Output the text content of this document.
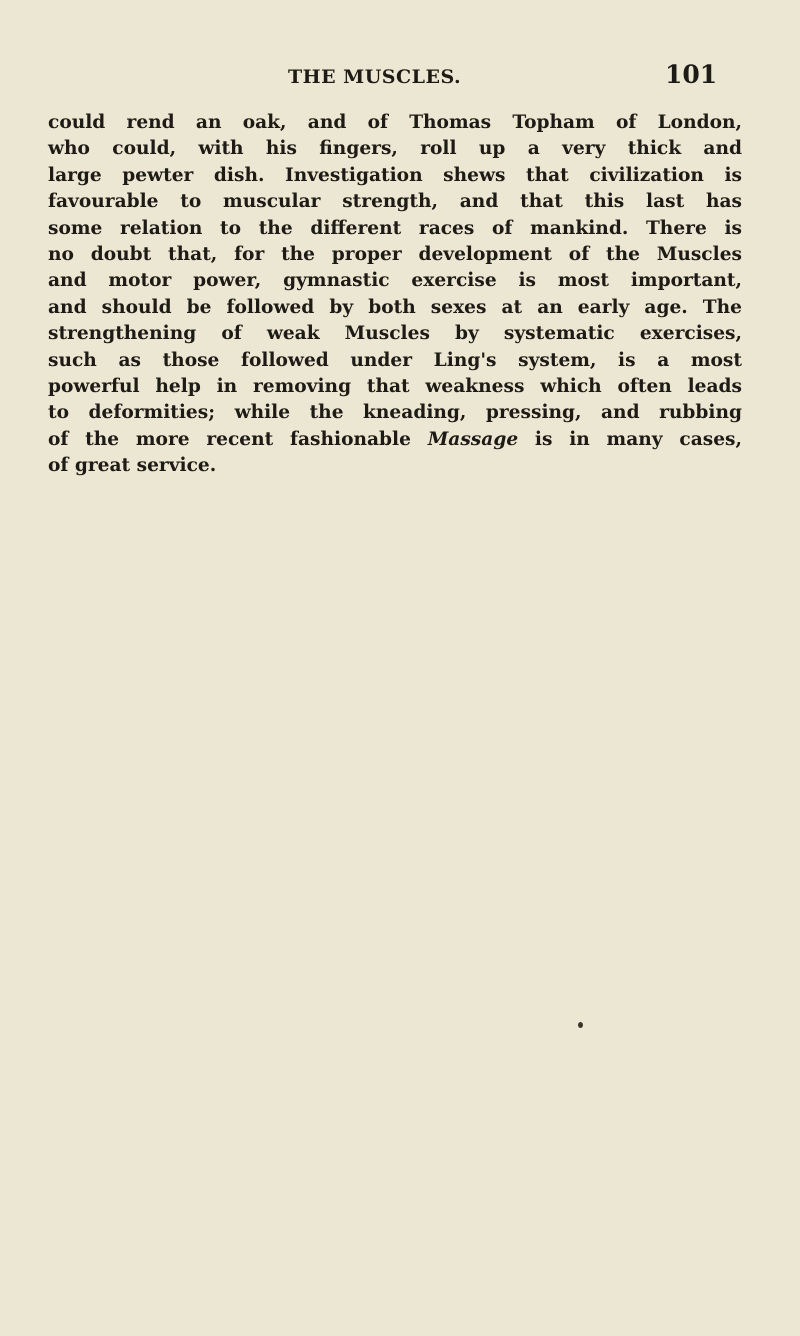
THE MUSCLES.	101
could rend an oak, and of Thomas Topham of London,
who could, with his fingers, roll up a very thick and
large pewter dish. Investigation shews that civilization is
favourable to muscular strength, and that this last has
some relation to the different races of mankind. There is
no doubt that, for the proper development of the Muscles
and motor power, gymnastic exercise is most important,
and should be followed by both sexes at an early age. The
strengthening of weak Muscles by systematic exercises,
such as those followed under Ling's system, is a most
powerful help in removing that weakness which often leads
to deformities; while the kneading, pressing, and rubbing
of the more recent fashionable Massage is in many cases,
of great service.
